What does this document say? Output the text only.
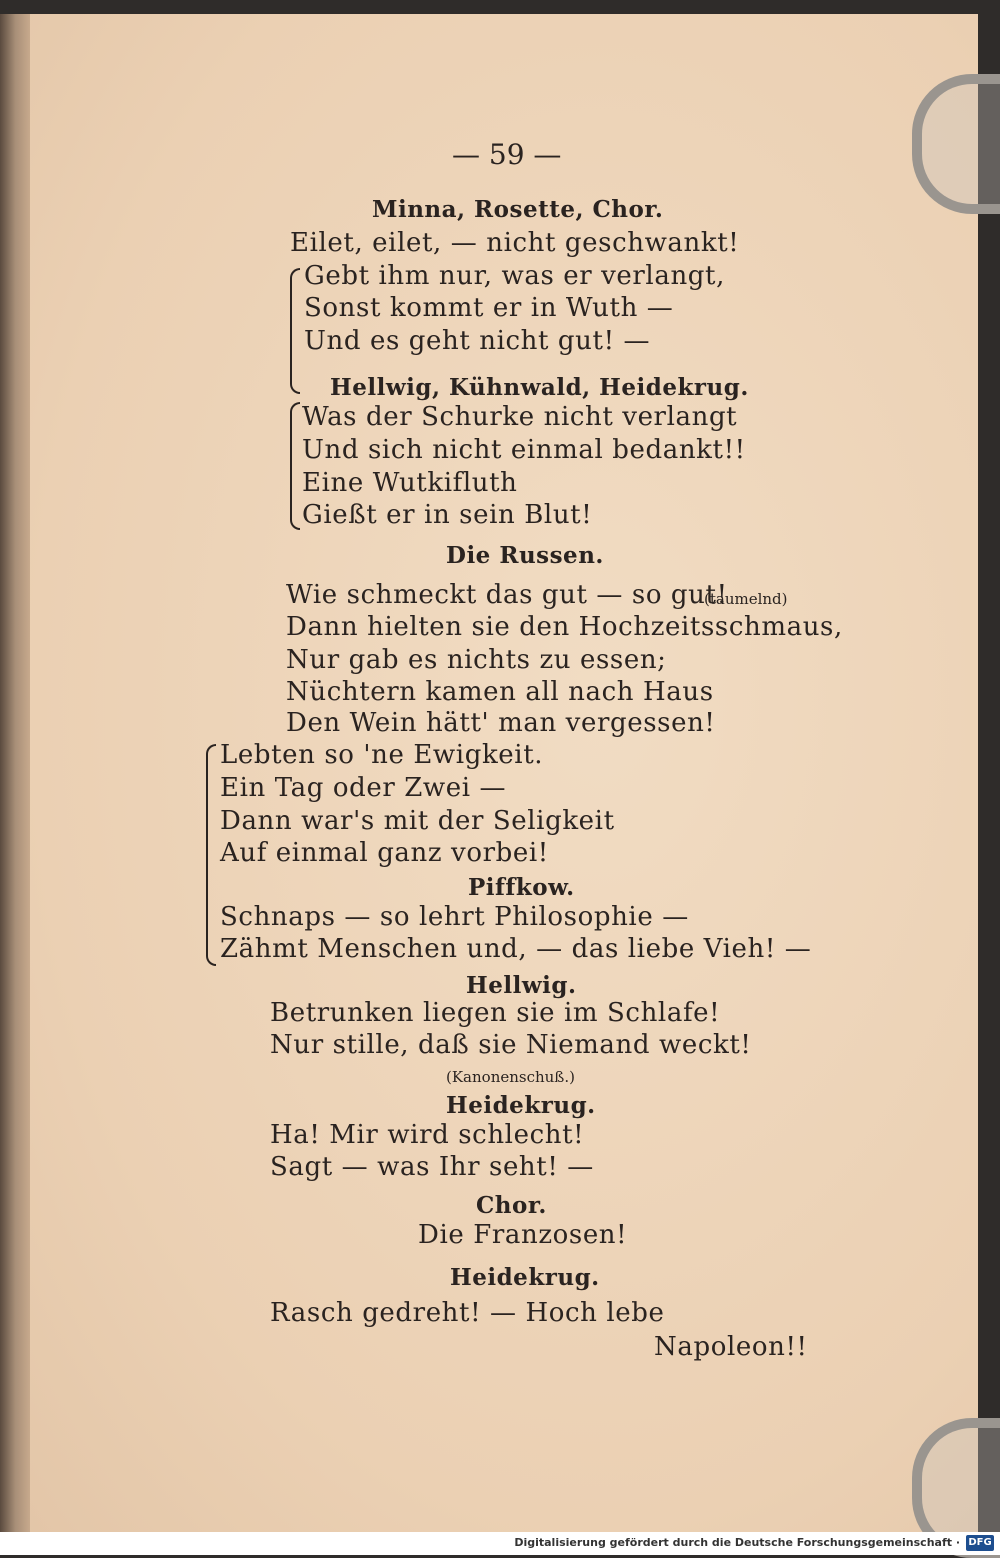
— 59 —
Minna, Rosette, Chor.
Eilet, eilet, — nicht geschwankt!
Gebt ihm nur, was er verlangt,
Sonst kommt er in Wuth —
Und es geht nicht gut! —
Hellwig, Kühnwald, Heidekrug.
Was der Schurke nicht verlangt
Und sich nicht einmal bedankt!!
Eine Wutkifluth
Gießt er in sein Blut!
Die Russen.
Wie schmeckt das gut — so gut!
(taumelnd)
Dann hielten sie den Hochzeitsschmaus,
Nur gab es nichts zu essen;
Nüchtern kamen all nach Haus
Den Wein hätt' man vergessen!
Lebten so 'ne Ewigkeit.
Ein Tag oder Zwei —
Dann war's mit der Seligkeit
Auf einmal ganz vorbei!
Piffkow.
Schnaps — so lehrt Philosophie —
Zähmt Menschen und, — das liebe Vieh! —
Hellwig.
Betrunken liegen sie im Schlafe!
Nur stille, daß sie Niemand weckt!
(Kanonenschuß.)
Heidekrug.
Ha! Mir wird schlecht!
Sagt — was Ihr seht! —
Chor.
Die Franzosen!
Heidekrug.
Rasch gedreht! — Hoch lebe
Napoleon!!
Digitalisierung gefördert durch die Deutsche Forschungsgemeinschaft · DFG
